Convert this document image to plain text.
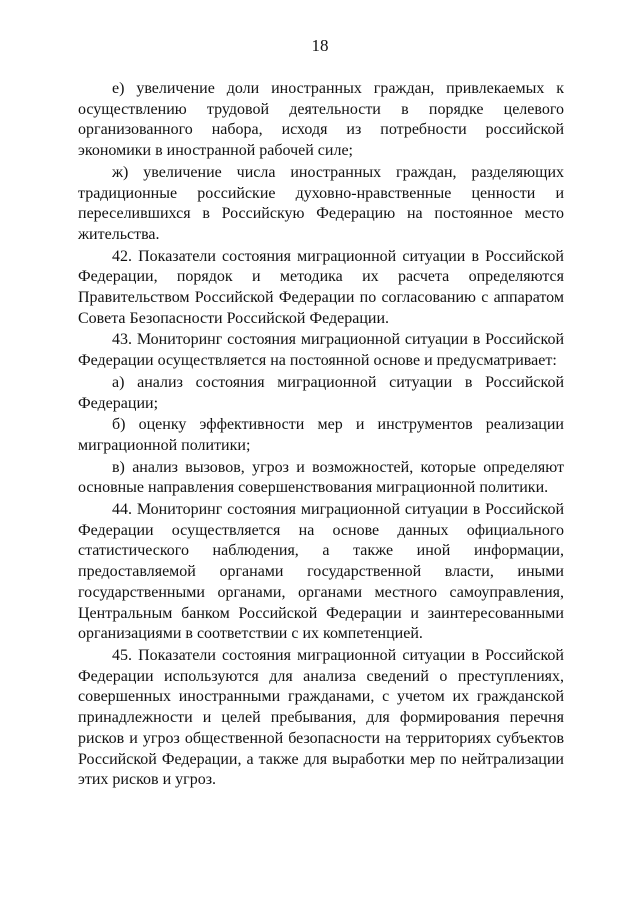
18

е) увеличение доли иностранных граждан, привлекаемых к осуществлению трудовой деятельности в порядке целевого организованного набора, исходя из потребности российской экономики в иностранной рабочей силе;

ж) увеличение числа иностранных граждан, разделяющих традиционные российские духовно-нравственные ценности и переселившихся в Российскую Федерацию на постоянное место жительства.

42. Показатели состояния миграционной ситуации в Российской Федерации, порядок и методика их расчета определяются Правительством Российской Федерации по согласованию с аппаратом Совета Безопасности Российской Федерации.

43. Мониторинг состояния миграционной ситуации в Российской Федерации осуществляется на постоянной основе и предусматривает:

а) анализ состояния миграционной ситуации в Российской Федерации;

б) оценку эффективности мер и инструментов реализации миграционной политики;

в) анализ вызовов, угроз и возможностей, которые определяют основные направления совершенствования миграционной политики.

44. Мониторинг состояния миграционной ситуации в Российской Федерации осуществляется на основе данных официального статистического наблюдения, а также иной информации, предоставляемой органами государственной власти, иными государственными органами, органами местного самоуправления, Центральным банком Российской Федерации и заинтересованными организациями в соответствии с их компетенцией.

45. Показатели состояния миграционной ситуации в Российской Федерации используются для анализа сведений о преступлениях, совершенных иностранными гражданами, с учетом их гражданской принадлежности и целей пребывания, для формирования перечня рисков и угроз общественной безопасности на территориях субъектов Российской Федерации, а также для выработки мер по нейтрализации этих рисков и угроз.
